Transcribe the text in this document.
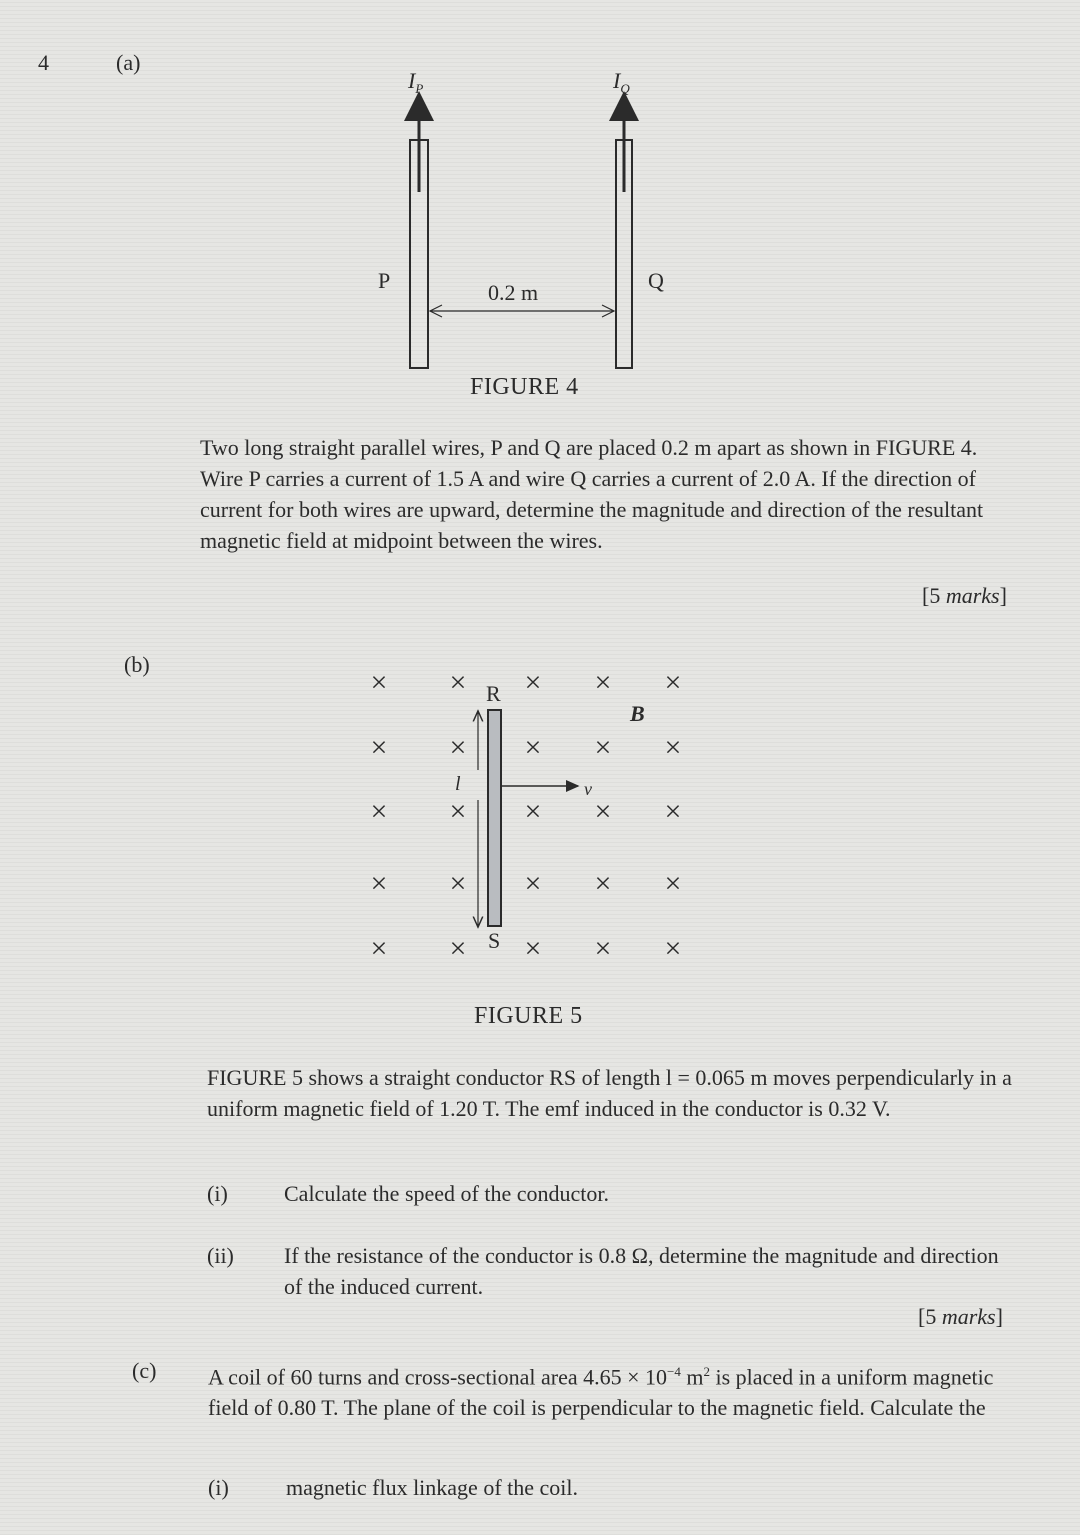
4	(a)
$I_P$	$I_Q$
P	Q
0.2 m
FIGURE 4
Two long straight parallel wires, P and Q are placed 0.2 m apart as shown in FIGURE 4. Wire P carries a current of 1.5 A and wire Q carries a current of 2.0 A. If the direction of current for both wires are upward, determine the magnitude and direction of the resultant magnetic field at midpoint between the wires.
[5 marks]
(b)
× × × × ×
× × × × ×
× × × × ×
× × × × ×
× × × × ×
l	v
R
S
B
FIGURE 5
FIGURE 5 shows a straight conductor RS of length l = 0.065 m moves perpendicularly in a uniform magnetic field of 1.20 T. The emf induced in the conductor is 0.32 V.
(i)	Calculate the speed of the conductor.
(ii) If the resistance of the conductor is 0.8 Ω, determine the magnitude and direction of the induced current.
[5 marks]
(c) A coil of 60 turns and cross-sectional area $4.65 \times 10^{-4}$ $m^2$ is placed in a uniform magnetic field of 0.80 T. The plane of the coil is perpendicular to the magnetic field. Calculate the
(i)	magnetic flux linkage of the coil.
